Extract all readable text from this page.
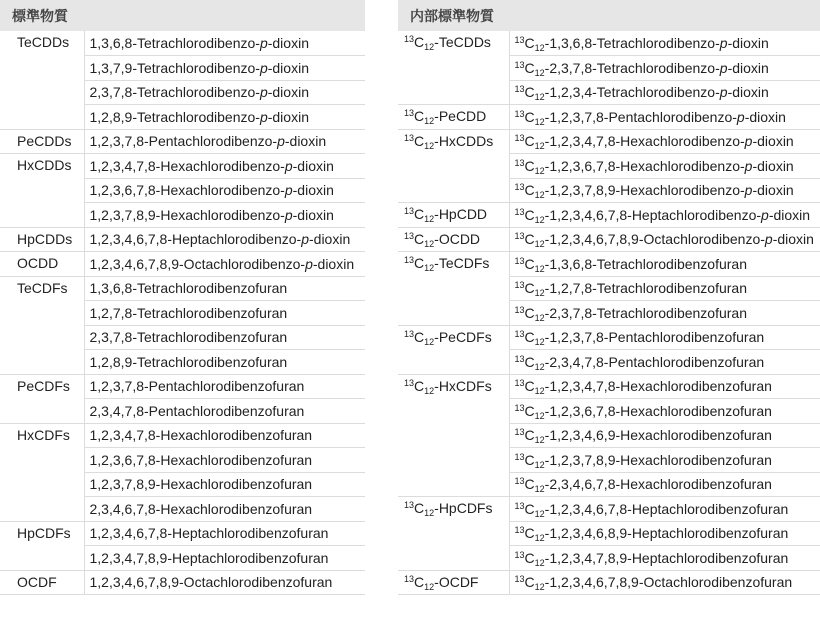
標準物質	
TeCDDs	1,3,6,8-Tetrachlorodibenzo-p-dioxin
	1,3,7,9-Tetrachlorodibenzo-p-dioxin
	2,3,7,8-Tetrachlorodibenzo-p-dioxin
	1,2,8,9-Tetrachlorodibenzo-p-dioxin
PeCDDs	1,2,3,7,8-Pentachlorodibenzo-p-dioxin
HxCDDs	1,2,3,4,7,8-Hexachlorodibenzo-p-dioxin
	1,2,3,6,7,8-Hexachlorodibenzo-p-dioxin
	1,2,3,7,8,9-Hexachlorodibenzo-p-dioxin
HpCDDs	1,2,3,4,6,7,8-Heptachlorodibenzo-p-dioxin
OCDD	1,2,3,4,6,7,8,9-Octachlorodibenzo-p-dioxin
TeCDFs	1,3,6,8-Tetrachlorodibenzofuran
	1,2,7,8-Tetrachlorodibenzofuran
	2,3,7,8-Tetrachlorodibenzofuran
	1,2,8,9-Tetrachlorodibenzofuran
PeCDFs	1,2,3,7,8-Pentachlorodibenzofuran
	2,3,4,7,8-Pentachlorodibenzofuran
HxCDFs	1,2,3,4,7,8-Hexachlorodibenzofuran
	1,2,3,6,7,8-Hexachlorodibenzofuran
	1,2,3,7,8,9-Hexachlorodibenzofuran
	2,3,4,6,7,8-Hexachlorodibenzofuran
HpCDFs	1,2,3,4,6,7,8-Heptachlorodibenzofuran
	1,2,3,4,7,8,9-Heptachlorodibenzofuran
OCDF	1,2,3,4,6,7,8,9-Octachlorodibenzofuran
内部標準物質	
$^{13}C_{12}$-TeCDDs	$^{13}C_{12}-1,3,6,8-Tetrachlorodibenzo-p$-dioxin
	$^{13}C_{12}-2,3,7,8-Tetrachlorodibenzo-p$-dioxin
	$^{13}C_{12}-1,2,3,4-Tetrachlorodibenzo-p$-dioxin
$^{13}C_{12}$-PeCDD	$^{13}C_{12}-1,2,3,7,8-Pentachlorodibenzo-p$-dioxin
$^{13}C_{12}$-HxCDDs	$^{13}C_{12}-1,2,3,4,7,8-Hexachlorodibenzo-p$-dioxin
	$^{13}C_{12}-1,2,3,6,7,8-Hexachlorodibenzo-p$-dioxin
	$^{13}C_{12}-1,2,3,7,8,9-Hexachlorodibenzo-p$-dioxin
$^{13}C_{12}$-HpCDD	$^{13}C_{12}-1,2,3,4,6,7,8-Heptachlorodibenzo-p$-dioxin
$^{13}C_{12}$-OCDD	$^{13}C_{12}-1,2,3,4,6,7,8,9-Octachlorodibenzo-p$-dioxin
$^{13}C_{12}$-TeCDFs	$^{13}C_{12}-1,3,6,8$-Tetrachlorodibenzofuran
	$^{13}C_{12}-1,2,7,8$-Tetrachlorodibenzofuran
	$^{13}C_{12}-2,3,7,8$-Tetrachlorodibenzofuran
$^{13}C_{12}$-PeCDFs	$^{13}C_{12}-1,2,3,7,8$-Pentachlorodibenzofuran
	$^{13}C_{12}-2,3,4,7,8$-Pentachlorodibenzofuran
$^{13}C_{12}$-HxCDFs	$^{13}C_{12}-1,2,3,4,7,8$-Hexachlorodibenzofuran
	$^{13}C_{12}-1,2,3,6,7,8$-Hexachlorodibenzofuran
	$^{13}C_{12}-1,2,3,4,6,9$-Hexachlorodibenzofuran
	$^{13}C_{12}-1,2,3,7,8,9$-Hexachlorodibenzofuran
	$^{13}C_{12}-2,3,4,6,7,8$-Hexachlorodibenzofuran
$^{13}C_{12}$-HpCDFs	$^{13}C_{12}-1,2,3,4,6,7,8$-Heptachlorodibenzofuran
	$^{13}C_{12}-1,2,3,4,6,8,9$-Heptachlorodibenzofuran
	$^{13}C_{12}-1,2,3,4,7,8,9$-Heptachlorodibenzofuran
$^{13}C_{12}$-OCDF	$^{13}C_{12}-1,2,3,4,6,7,8,9$-Octachlorodibenzofuran
